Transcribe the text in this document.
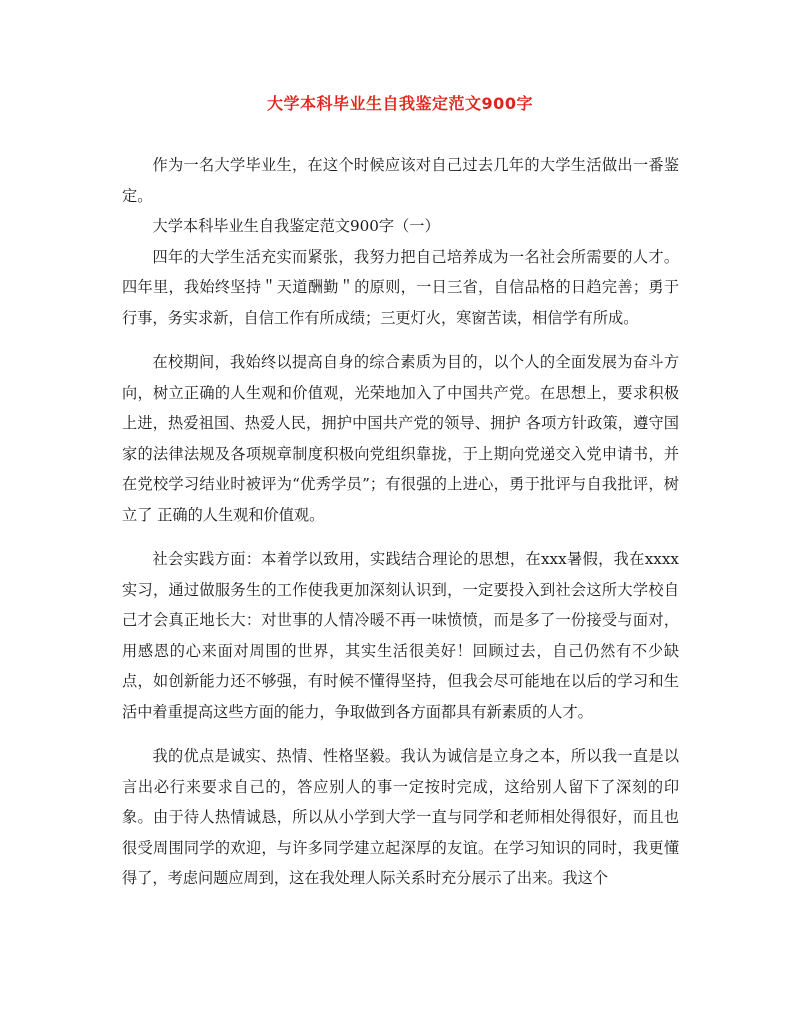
大学本科毕业生自我鉴定范文900字

作为一名大学毕业生，在这个时候应该对自己过去几年的大学生活做出一番鉴定。

大学本科毕业生自我鉴定范文900字（一）

四年的大学生活充实而紧张，我努力把自己培养成为一名社会所需要的人才。四年里，我始终坚持＂天道酬勤＂的原则，一日三省，自信品格的日趋完善；勇于行事，务实求新，自信工作有所成绩；三更灯火，寒窗苦读，相信学有所成。

在校期间，我始终以提高自身的综合素质为目的，以个人的全面发展为奋斗方向，树立正确的人生观和价值观，光荣地加入了中国共产党。在思想上，要求积极上进，热爱祖国、热爱人民，拥护中国共产党的领导、拥护 各项方针政策，遵守国家的法律法规及各项规章制度积极向党组织靠拢，于上期向党递交入党申请书，并在党校学习结业时被评为“优秀学员”；有很强的上进心，勇于批评与自我批评，树立了 正确的人生观和价值观。

社会实践方面：本着学以致用，实践结合理论的思想，在xxx暑假，我在xxxx实习，通过做服务生的工作使我更加深刻认识到，一定要投入到社会这所大学校自己才会真正地长大：对世事的人情冷暖不再一味愤愤，而是多了一份接受与面对，用感恩的心来面对周围的世界，其实生活很美好！回顾过去，自己仍然有不少缺点，如创新能力还不够强，有时候不懂得坚持，但我会尽可能地在以后的学习和生活中着重提高这些方面的能力，争取做到各方面都具有新素质的人才。

我的优点是诚实、热情、性格坚毅。我认为诚信是立身之本，所以我一直是以言出必行来要求自己的，答应别人的事一定按时完成，这给别人留下了深刻的印象。由于待人热情诚恳，所以从小学到大学一直与同学和老师相处得很好，而且也很受周围同学的欢迎，与许多同学建立起深厚的友谊。在学习知识的同时，我更懂得了，考虑问题应周到，这在我处理人际关系时充分展示了出来。我这个
